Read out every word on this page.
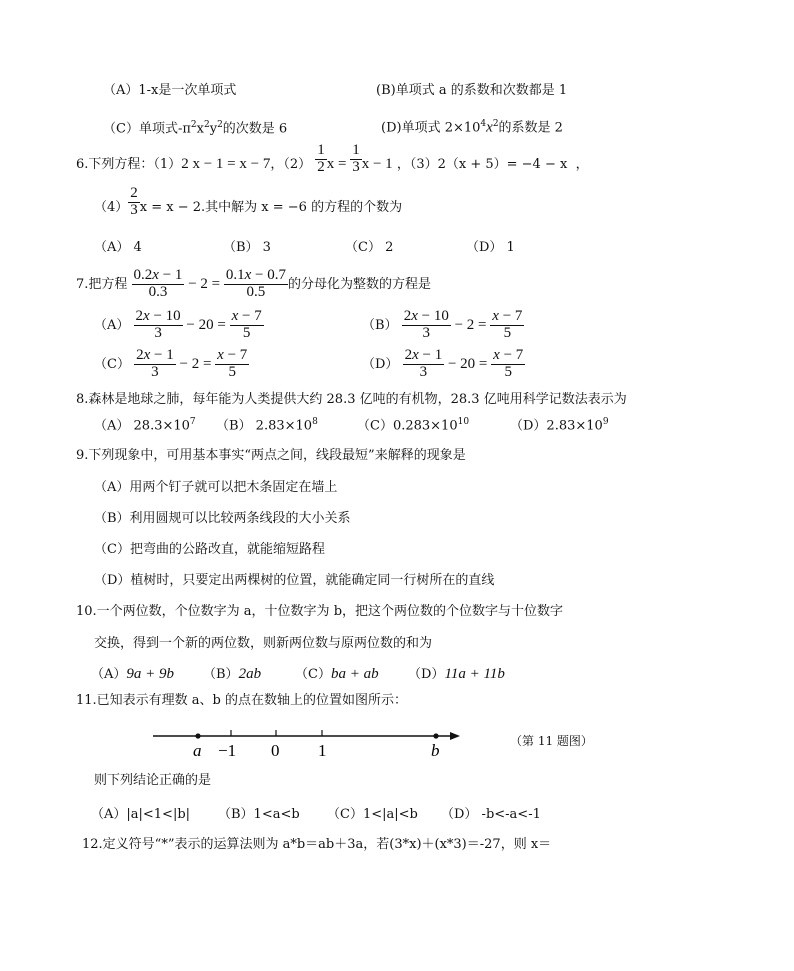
（A）1-x是一次单项式	(B)单项式 a 的系数和次数都是 1
（C）单项式$-\pi^2x^2y^2$的次数是 6	(D)单项式 $2\times 10^4x^2$的系数是 2
6.下列方程：（1）2 x − 1 = x − 7，$(2) \frac{1}{2}$ $x = \frac{1}{3}$ x − 1 ，（3）2（x + 5）= −4 − x ，
$(4) \frac{2}{3}$ x = x − 2.其中解为 x = −6 的方程的个数为
（A） 4	（B） 3	（C） 2	（D） 1
7.把方程 $\frac{0.2x - 1}{0.3} - 2 = \frac{0.1x - 0.7}{0.5}$ 的分母化为整数的方程是
$(A) \frac{2x - 10}{3} - 20 = \frac{x - 7}{5}$	$(B) \frac{2x - 10}{3} - 2 = \frac{x - 7}{5}$
$(C) \frac{2x - 1}{3} - 2 = \frac{x - 7}{5}$	$(D) \frac{2x - 1}{3} - 20 = \frac{x - 7}{5}$
8.森林是地球之肺，每年能为人类提供大约 28.3 亿吨的有机物，28.3 亿吨用科学记数法表示为
（A） $28.3\times 10^7$ （B） $2.83\times 10^8$	$(C)0.283\times 10^{10}$	$(D)2.83\times 10^9$
9.下列现象中，可用基本事实“两点之间，线段最短”来解释的现象是
（A）用两个钉子就可以把木条固定在墙上
（B）利用圆规可以比较两条线段的大小关系
（C）把弯曲的公路改直，就能缩短路程
（D）植树时，只要定出两棵树的位置，就能确定同一行树所在的直线
10.一个两位数，个位数字为 a，十位数字为 b，把这个两位数的个位数字与十位数字
交换，得到一个新的两位数，则新两位数与原两位数的和为
（A）9a + 9b （B）2ab	（C）ba + ab （D）11a + 11b
11.已知表示有理数 a、b 的点在数轴上的位置如图所示：
a −1 0 1	b	（第 11 题图）
则下列结论正确的是
（A）|a|<1<|b| （B）1<a<b （C）1<|a|<b （D） -b<-a<-1
12.定义符号“*”表示的运算法则为 a*b＝ab＋3a，若(3*x)＋(x*3)＝-27，则 x＝
